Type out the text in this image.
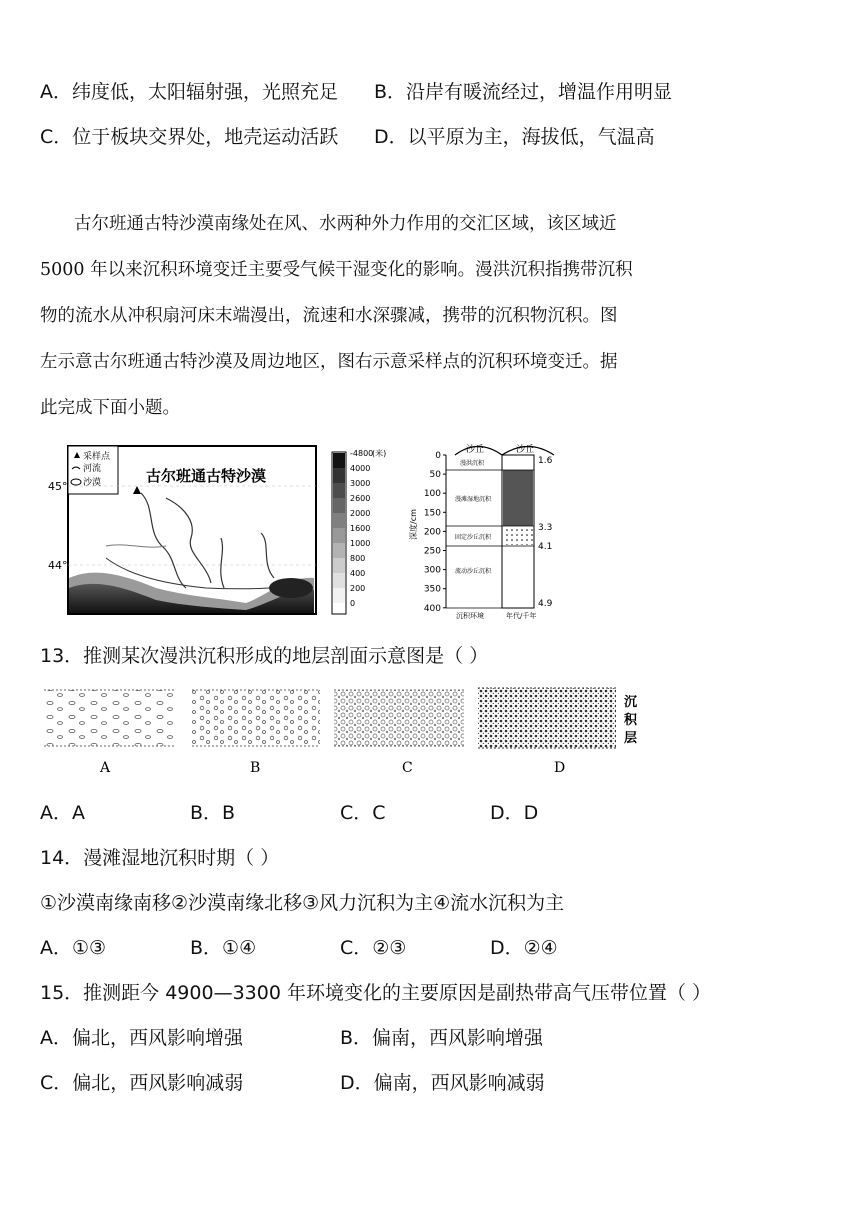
A．纬度低，太阳辐射强，光照充足 B．沿岸有暖流经过，增温作用明显
C．位于板块交界处，地壳运动活跃 D．以平原为主，海拔低，气温高
古尔班通古特沙漠南缘处在风、水两种外力作用的交汇区域，该区域近
5000 年以来沉积环境变迁主要受气候干湿变化的影响。漫洪沉积指携带沉积
物的流水从冲积扇河床末端漫出，流速和水深骤减，携带的沉积物沉积。图
左示意古尔班通古特沙漠及周边地区，图右示意采样点的沉积环境变迁。据
此完成下面小题。
采样点
河流
沙漠	古尔班通古特沙漠
45°
44°
(米)
-4800
4000
3000
2600
2000
1600
1000
800
400
200
0
沙丘	沙丘
0
50
100
150
200
250
300
350
400
深度/cm
漫洪沉积
漫滩湿地沉积
固定沙丘沉积
流动沙丘沉积
1.6
3.3
4.1
4.9
沉积环境	年代/千年
13．推测某次漫洪沉积形成的地层剖面示意图是（ ）
A	B	C	D
沉
积
层
A．A	B．B	C．C	D．D
14．漫滩湿地沉积时期（ ）
①沙漠南缘南移②沙漠南缘北移③风力沉积为主④流水沉积为主
A．①③	B．①④	C．②③	D．②④
15．推测距今 4900—3300 年环境变化的主要原因是副热带高气压带位置（ ）
A．偏北，西风影响增强	B．偏南，西风影响增强
C．偏北，西风影响减弱	D．偏南，西风影响减弱
